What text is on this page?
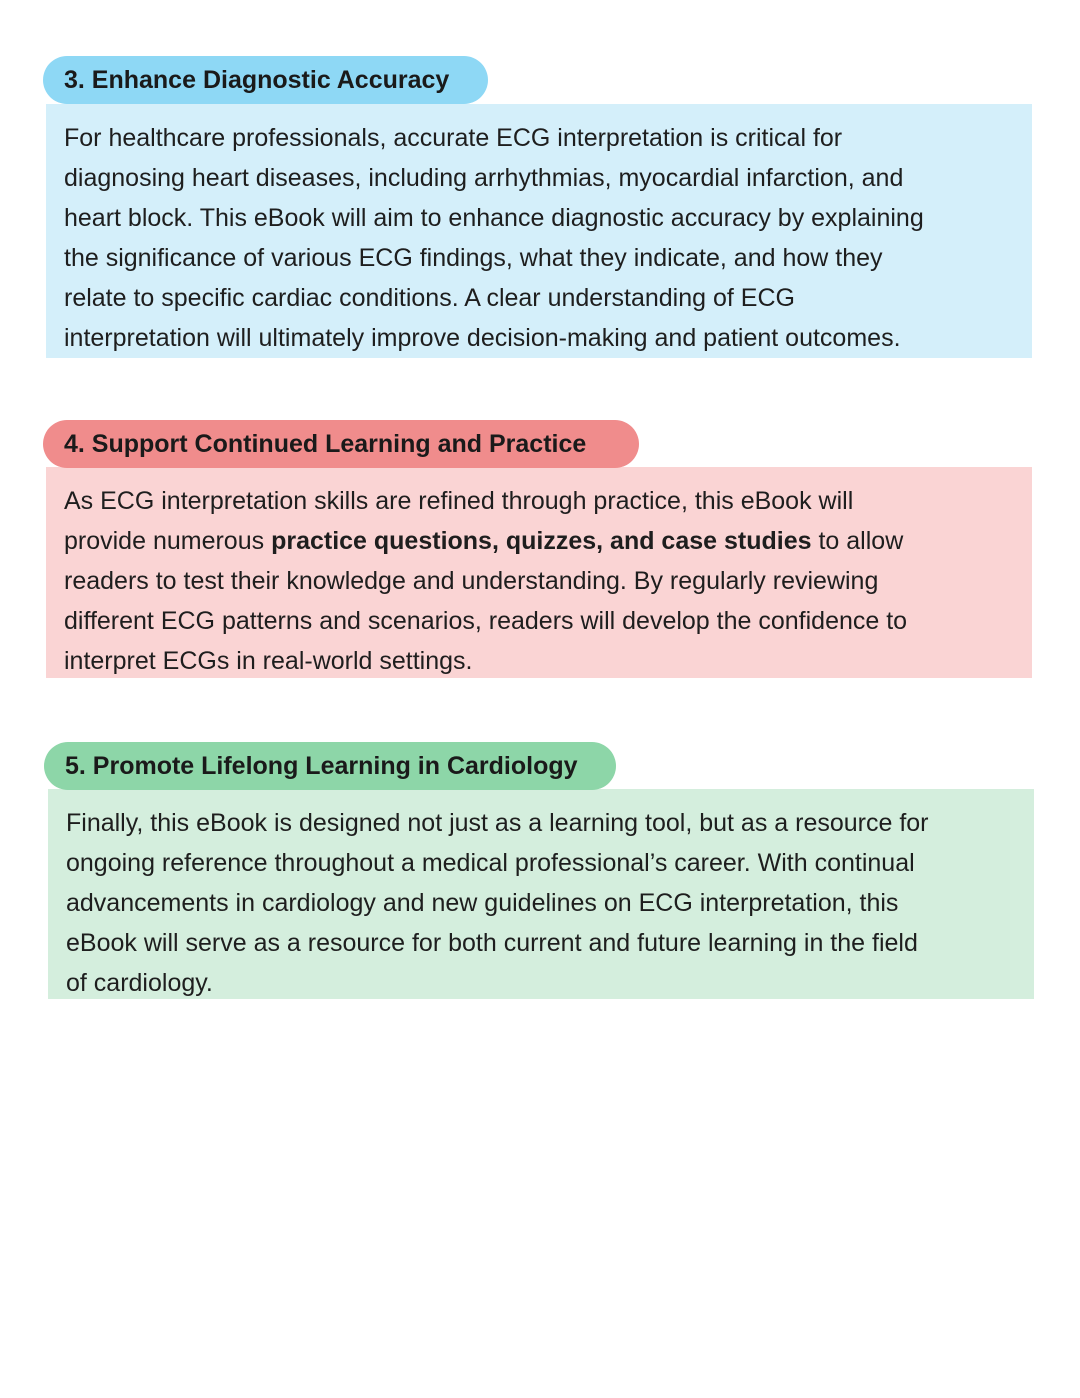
3. Enhance Diagnostic Accuracy
For healthcare professionals, accurate ECG interpretation is critical for
diagnosing heart diseases, including arrhythmias, myocardial infarction, and
heart block. This eBook will aim to enhance diagnostic accuracy by explaining
the significance of various ECG findings, what they indicate, and how they
relate to specific cardiac conditions. A clear understanding of ECG
interpretation will ultimately improve decision-making and patient outcomes.
4. Support Continued Learning and Practice
As ECG interpretation skills are refined through practice, this eBook will
provide numerous practice questions, quizzes, and case studies to allow
readers to test their knowledge and understanding. By regularly reviewing
different ECG patterns and scenarios, readers will develop the confidence to
interpret ECGs in real-world settings.
5. Promote Lifelong Learning in Cardiology
Finally, this eBook is designed not just as a learning tool, but as a resource for
ongoing reference throughout a medical professional’s career. With continual
advancements in cardiology and new guidelines on ECG interpretation, this
eBook will serve as a resource for both current and future learning in the field
of cardiology.
